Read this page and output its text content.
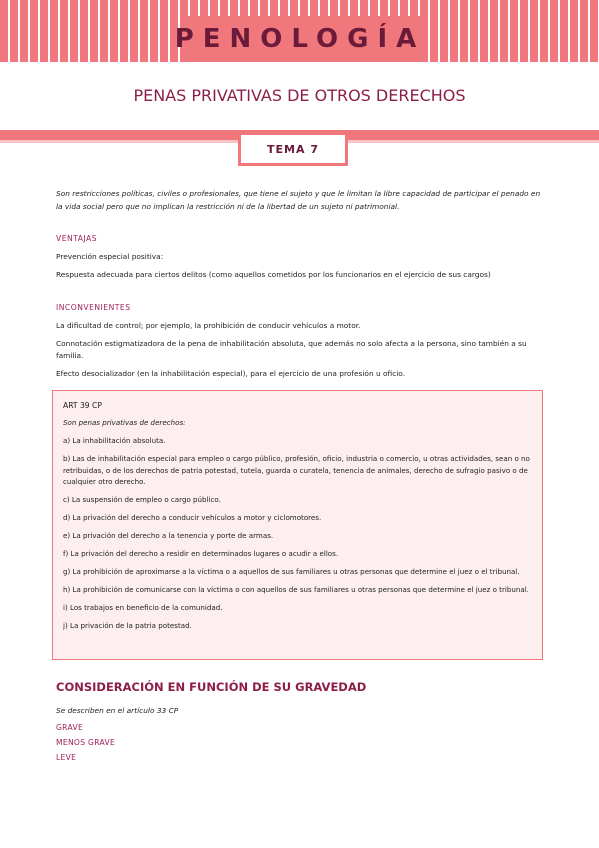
PENOLOGÍA
PENAS PRIVATIVAS DE OTROS DERECHOS
TEMA 7
Son restricciones políticas, civiles o profesionales, que tiene el sujeto y que le limitan la libre capacidad de participar el penado en la vida social pero que no implican la restricción ni de la libertad de un sujeto ni patrimonial.
VENTAJAS
Prevención especial positiva:
Respuesta adecuada para ciertos delitos (como aquellos cometidos por los funcionarios en el ejercicio de sus cargos)
INCONVENIENTES
La dificultad de control; por ejemplo, la prohibición de conducir vehículos a motor.
Connotación estigmatizadora de la pena de inhabilitación absoluta, que además no solo afecta a la persona, sino también a su familia.
Efecto desocializador (en la inhabilitación especial), para el ejercicio de una profesión u oficio.
ART 39 CP
Son penas privativas de derechos:
a) La inhabilitación absoluta.
b) Las de inhabilitación especial para empleo o cargo público, profesión, oficio, industria o comercio, u otras actividades, sean o no retribuidas, o de los derechos de patria potestad, tutela, guarda o curatela, tenencia de animales, derecho de sufragio pasivo o de cualquier otro derecho.
c) La suspensión de empleo o cargo público.
d) La privación del derecho a conducir vehículos a motor y ciclomotores.
e) La privación del derecho a la tenencia y porte de armas.
f) La privación del derecho a residir en determinados lugares o acudir a ellos.
g) La prohibición de aproximarse a la víctima o a aquellos de sus familiares u otras personas que determine el juez o el tribunal.
h) La prohibición de comunicarse con la víctima o con aquellos de sus familiares u otras personas que determine el juez o tribunal.
i) Los trabajos en beneficio de la comunidad.
j) La privación de la patria potestad.
CONSIDERACIÓN EN FUNCIÓN DE SU GRAVEDAD
Se describen en el artículo 33 CP
GRAVE
MENOS GRAVE
LEVE
